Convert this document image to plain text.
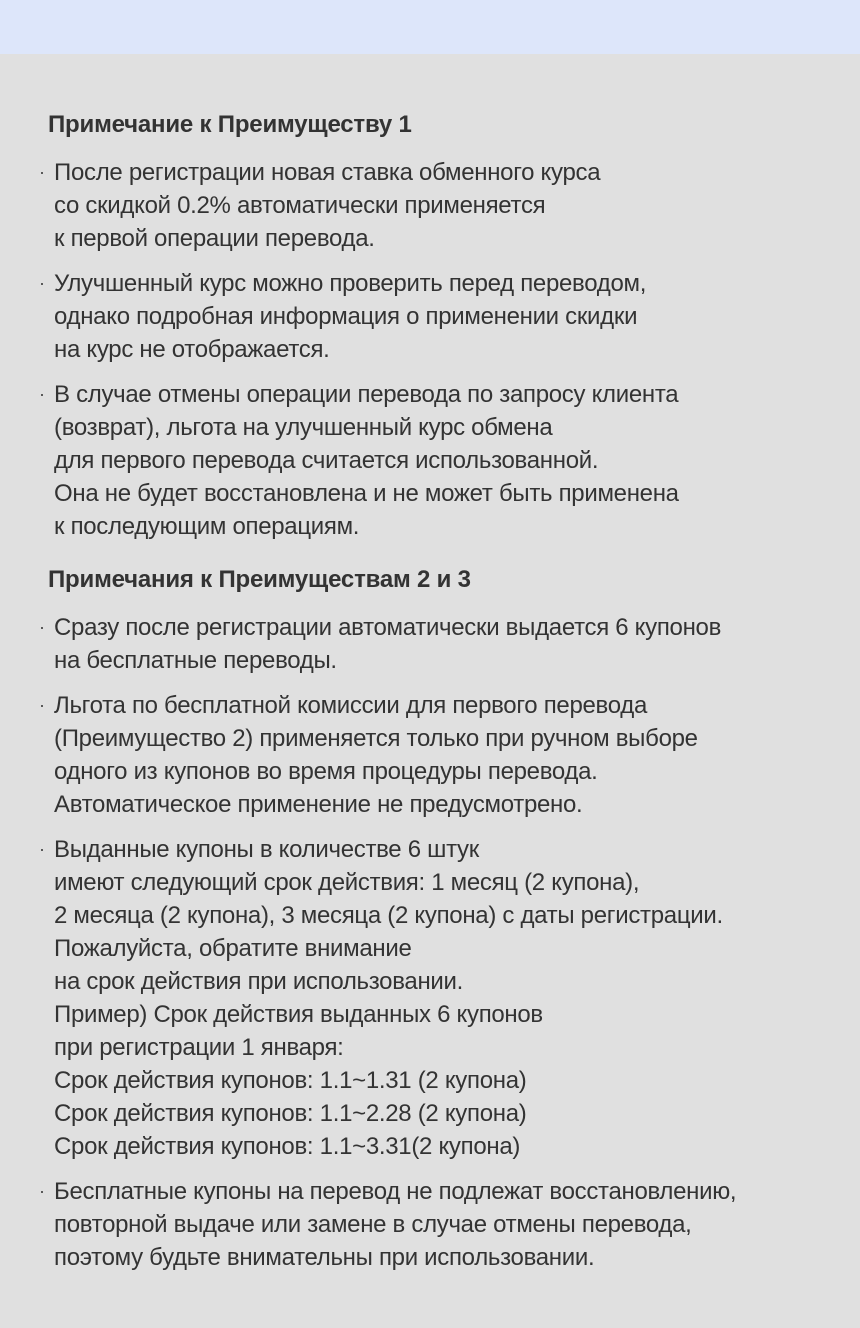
Примечание к Преимуществу 1
· После регистрации новая ставка обменного курса
со скидкой 0.2% автоматически применяется
к первой операции перевода.
· Улучшенный курс можно проверить перед переводом,
однако подробная информация о применении скидки
на курс не отображается.
· В случае отмены операции перевода по запросу клиента
(возврат), льгота на улучшенный курс обмена
для первого перевода считается использованной.
Она не будет восстановлена и не может быть применена
к последующим операциям.
Примечания к Преимуществам 2 и 3
· Сразу после регистрации автоматически выдается 6 купонов
на бесплатные переводы.
· Льгота по бесплатной комиссии для первого перевода
(Преимущество 2) применяется только при ручном выборе
одного из купонов во время процедуры перевода.
Автоматическое применение не предусмотрено.
· Выданные купоны в количестве 6 штук
имеют следующий срок действия: 1 месяц (2 купона),
2 месяца (2 купона), 3 месяца (2 купона) с даты регистрации.
Пожалуйста, обратите внимание
на срок действия при использовании.
Пример) Срок действия выданных 6 купонов
при регистрации 1 января:
Срок действия купонов: 1.1~1.31 (2 купона)
Срок действия купонов: 1.1~2.28 (2 купона)
Срок действия купонов: 1.1~3.31(2 купона)
· Бесплатные купоны на перевод не подлежат восстановлению,
повторной выдаче или замене в случае отмены перевода,
поэтому будьте внимательны при использовании.
